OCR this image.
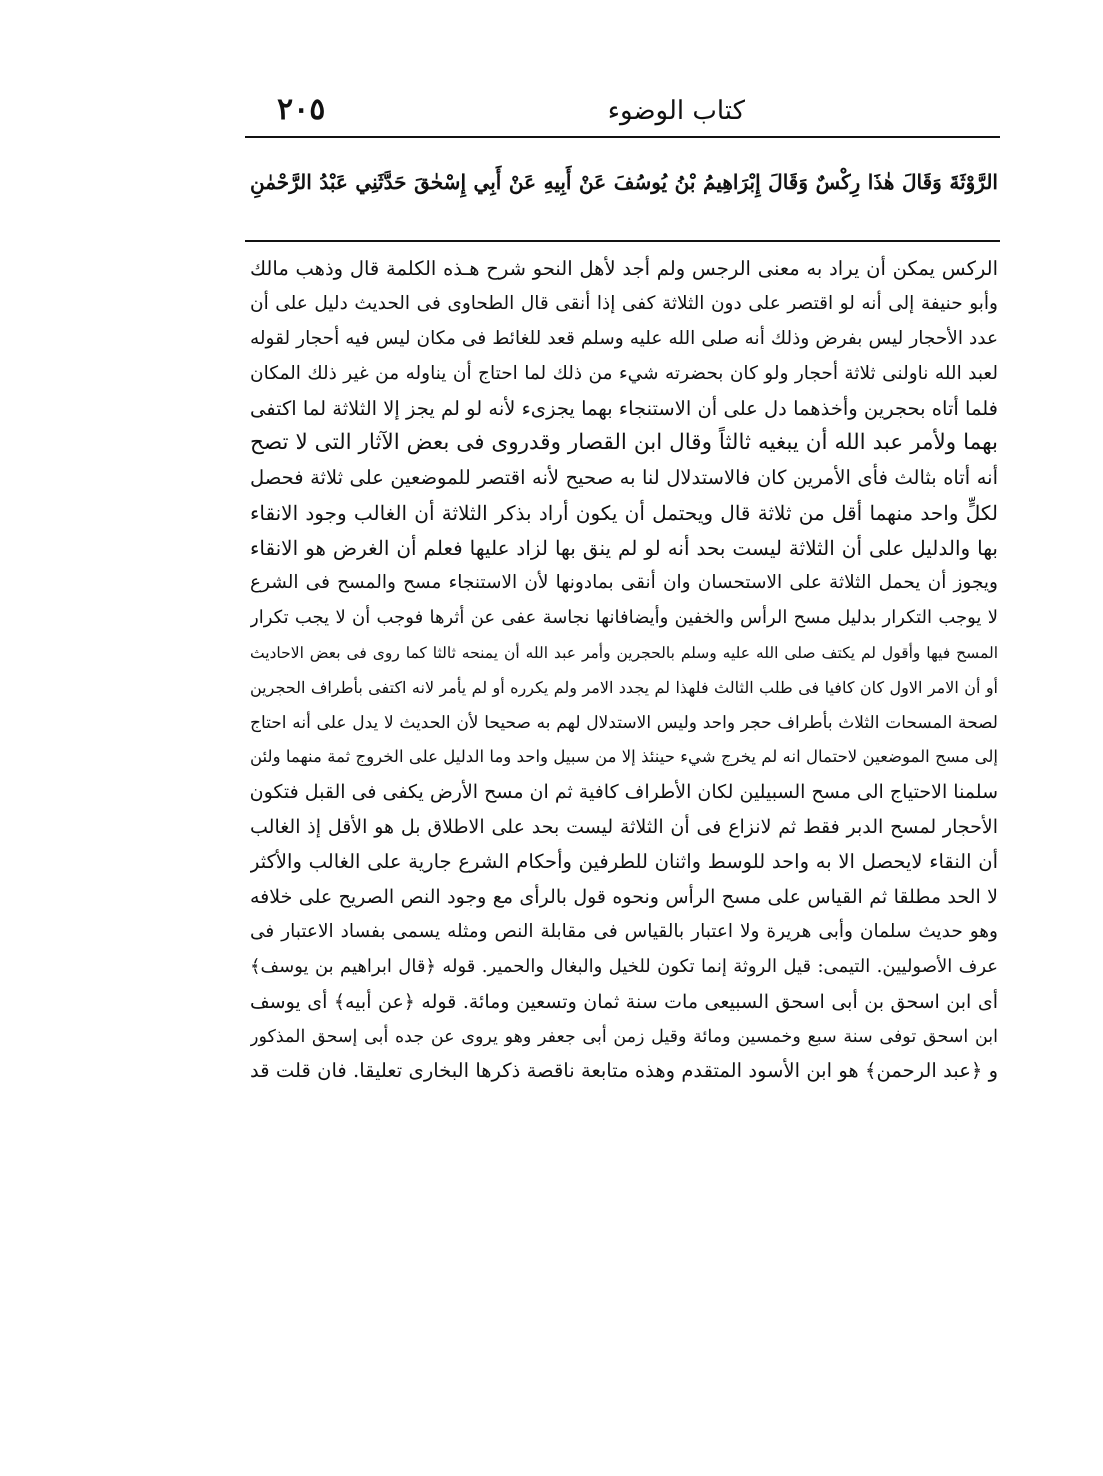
كتاب الوضوء
٢٠٥
الرَّوْثَةَ وَقَالَ هٰذَا رِكْسٌ وَقَالَ إِبْرَاهِيمُ بْنُ يُوسُفَ عَنْ أَبِيهِ عَنْ أَبِي إِسْحٰقَ حَدَّثَنِي عَبْدُ الرَّحْمٰنِ
الركس يمكن أن يراد به معنى الرجس ولم أجد لأهل النحو شرح هـذه الكلمة قال وذهب مالك
وأبو حنيفة إلى أنه لو اقتصر على دون الثلاثة كفى إذا أنقى قال الطحاوى فى الحديث دليل على أن
عدد الأحجار ليس بفرض وذلك أنه صلى الله عليه وسلم قعد للغائط فى مكان ليس فيه أحجار لقوله
لعبد الله ناولنى ثلاثة أحجار ولو كان بحضرته شيء من ذلك لما احتاج أن يناوله من غير ذلك المكان
فلما أتاه بحجرين وأخذهما دل على أن الاستنجاء بهما يجزىء لأنه لو لم يجز إلا الثلاثة لما اكتفى
بهما ولأمر عبد الله أن يبغيه ثالثاً وقال ابن القصار وقدروى فى بعض الآثار التى لا تصح
أنه أتاه بثالث فأى الأمرين كان فالاستدلال لنا به صحيح لأنه اقتصر للموضعين على ثلاثة فحصل
لكلٍّ واحد منهما أقل من ثلاثة قال ويحتمل أن يكون أراد بذكر الثلاثة أن الغالب وجود الانقاء
بها والدليل على أن الثلاثة ليست بحد أنه لو لم ينق بها لزاد عليها فعلم أن الغرض هو الانقاء
ويجوز أن يحمل الثلاثة على الاستحسان وان أنقى بمادونها لأن الاستنجاء مسح والمسح فى الشرع
لا يوجب التكرار بدليل مسح الرأس والخفين وأيضافانها نجاسة عفى عن أثرها فوجب أن لا يجب تكرار
المسح فيها وأقول لم يكتف صلى الله عليه وسلم بالحجرين وأمر عبد الله أن يمنحه ثالثا كما روى فى بعض الاحاديث
أو أن الامر الاول كان كافيا فى طلب الثالث فلهذا لم يجدد الامر ولم يكرره أو لم يأمر لانه اكتفى بأطراف الحجرين
لصحة المسحات الثلاث بأطراف حجر واحد وليس الاستدلال لهم به صحيحا لأن الحديث لا يدل على أنه احتاج
إلى مسح الموضعين لاحتمال انه لم يخرج شيء حينئذ إلا من سبيل واحد وما الدليل على الخروج ثمة منهما ولئن
سلمنا الاحتياج الى مسح السبيلين لكان الأطراف كافية ثم ان مسح الأرض يكفى فى القبل فتكون
الأحجار لمسح الدبر فقط ثم لانزاع فى أن الثلاثة ليست بحد على الاطلاق بل هو الأقل إذ الغالب
أن النقاء لايحصل الا به واحد للوسط واثنان للطرفين وأحكام الشرع جارية على الغالب والأكثر
لا الحد مطلقا ثم القياس على مسح الرأس ونحوه قول بالرأى مع وجود النص الصريح على خلافه
وهو حديث سلمان وأبى هريرة ولا اعتبار بالقياس فى مقابلة النص ومثله يسمى بفساد الاعتبار فى
عرف الأصوليين. التيمى: قيل الروثة إنما تكون للخيل والبغال والحمير. قوله ﴿قال ابراهيم بن يوسف﴾
أى ابن اسحق بن أبى اسحق السبيعى مات سنة ثمان وتسعين ومائة. قوله ﴿عن أبيه﴾ أى يوسف
ابن اسحق توفى سنة سبع وخمسين ومائة وقيل زمن أبى جعفر وهو يروى عن جده أبى إسحق المذكور
و ﴿عبد الرحمن﴾ هو ابن الأسود المتقدم وهذه متابعة ناقصة ذكرها البخارى تعليقا. فان قلت قد
